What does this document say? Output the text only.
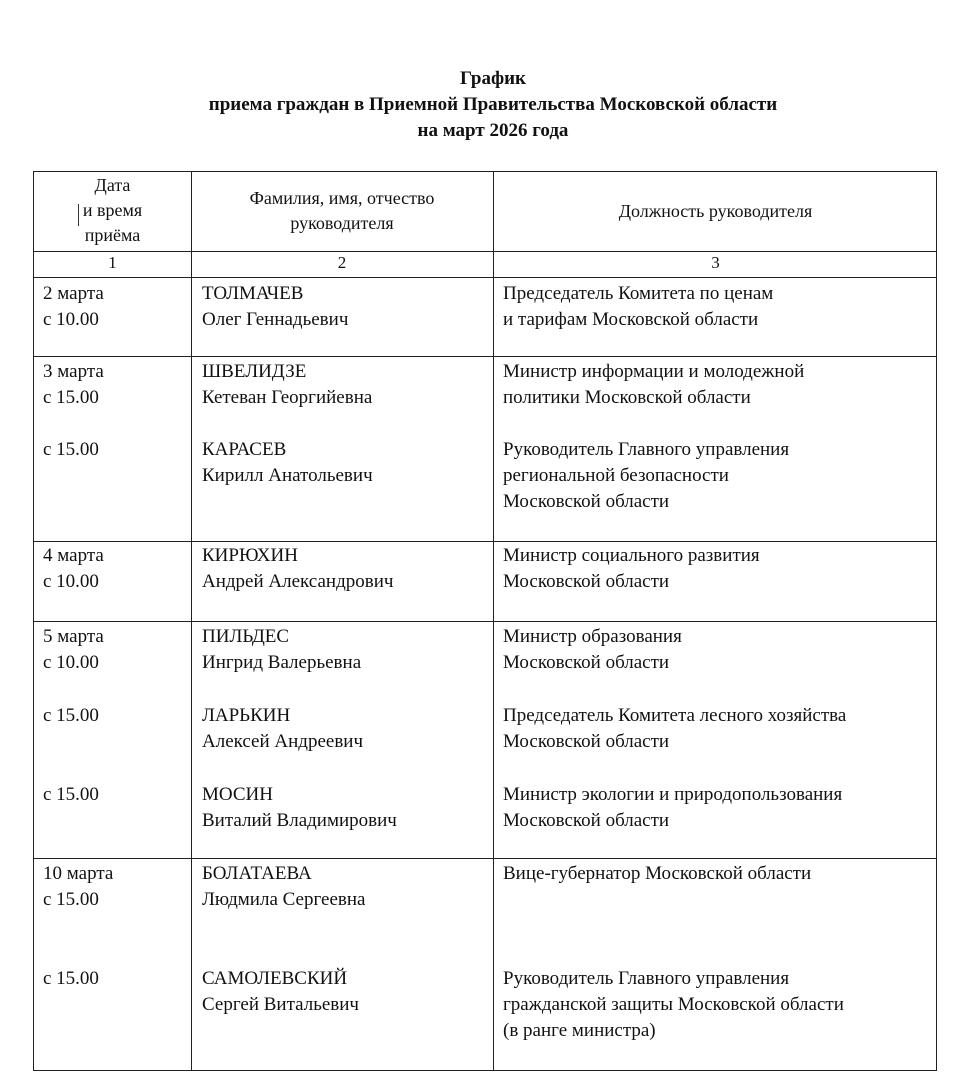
График
приема граждан в Приемной Правительства Московской области
на март 2026 года
Дата
и время
приёма
Фамилия, имя, отчество
руководителя
Должность руководителя
1	2	3
2 марта
с 10.00
3 марта
с 15.00
с 15.00
4 марта
с 10.00
5 марта
с 10.00
с 15.00
с 15.00
10 марта
с 15.00
с 15.00
ТОЛМАЧЕВ
Олег Геннадьевич
ШВЕЛИДЗЕ
Кетеван Георгийевна
КАРАСЕВ
Кирилл Анатольевич
КИРЮХИН
Андрей Александрович
ПИЛЬДЕС
Ингрид Валерьевна
ЛАРЬКИН
Алексей Андреевич
МОСИН
Виталий Владимирович
БОЛАТАЕВА
Людмила Сергеевна
САМОЛЕВСКИЙ
Сергей Витальевич
Председатель Комитета по ценам
и тарифам Московской области
Министр информации и молодежной
политики Московской области
Руководитель Главного управления
региональной безопасности
Московской области
Министр социального развития
Московской области
Министр образования
Московской области
Председатель Комитета лесного хозяйства
Московской области
Министр экологии и природопользования
Московской области
Вице-губернатор Московской области
Руководитель Главного управления
гражданской защиты Московской области
(в ранге министра)
